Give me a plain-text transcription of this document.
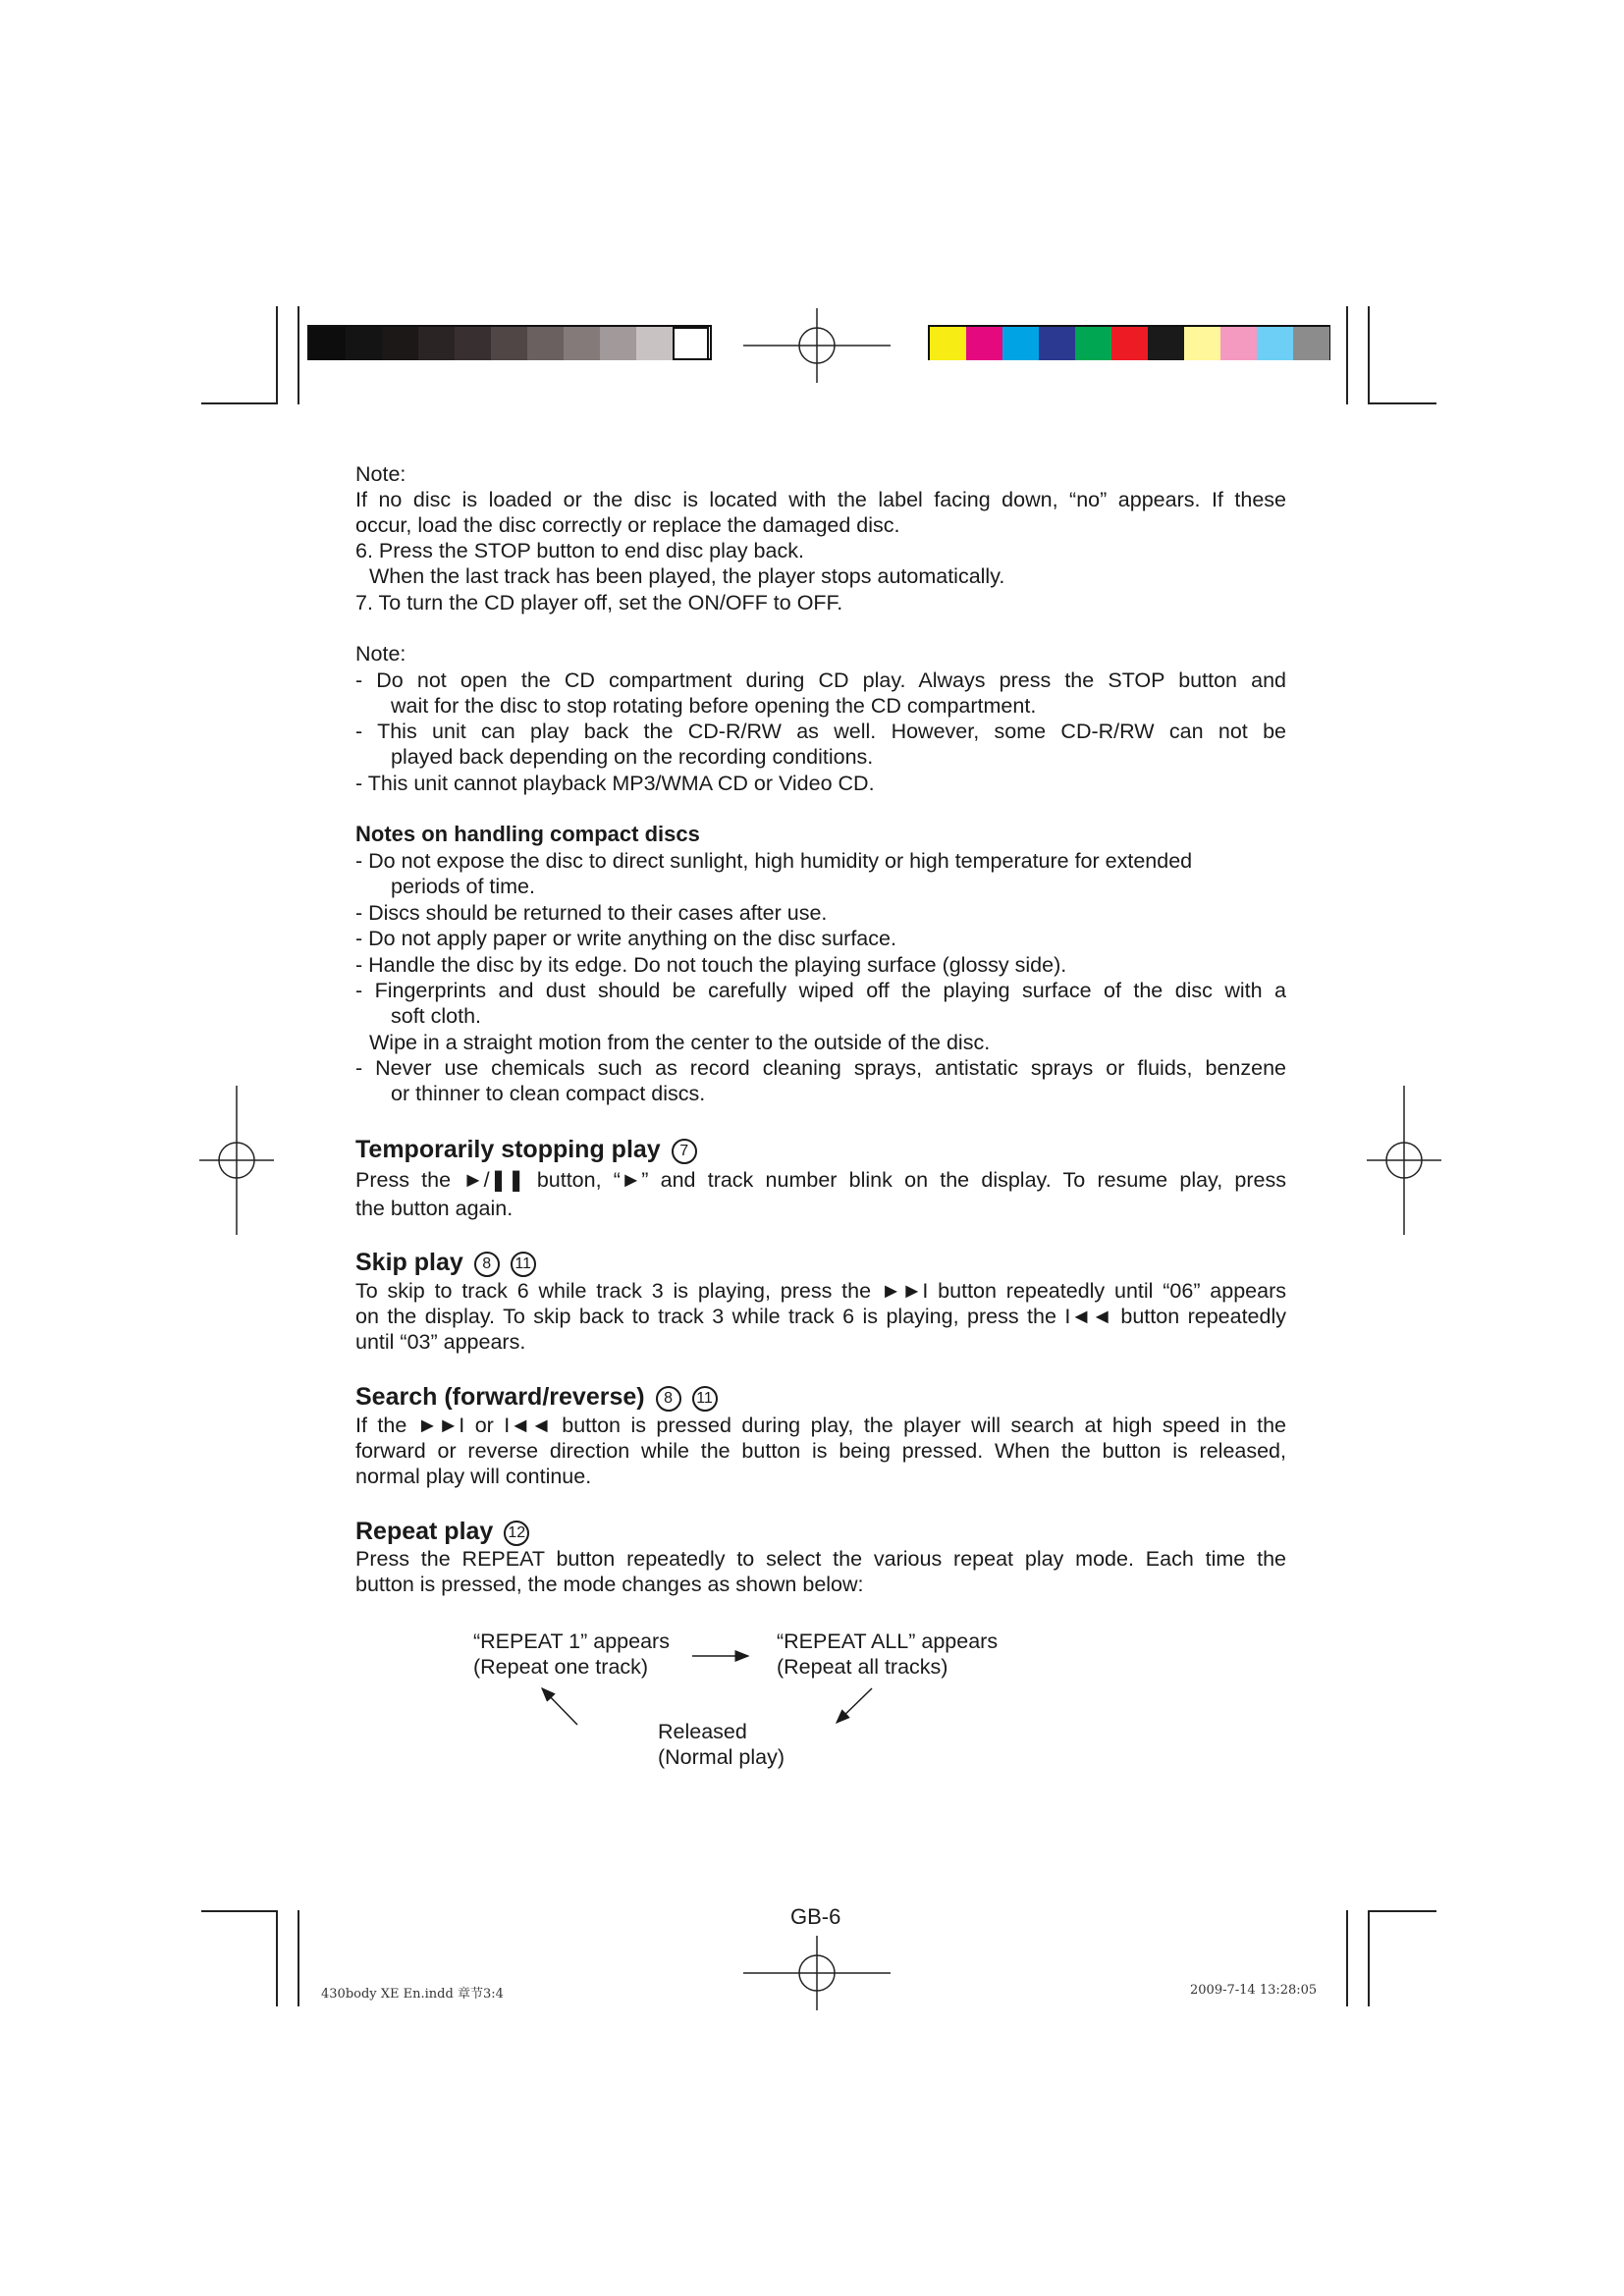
Note:
If no disc is loaded or the disc is located with the label facing down, “no” appears. If these
occur, load the disc correctly or replace the damaged disc.
6. Press the STOP button to end disc play back.
When the last track has been played, the player stops automatically.
7. To turn the CD player off, set the ON/OFF to OFF.
Note:
- Do not open the CD compartment during CD play. Always press the STOP button and
wait for the disc to stop rotating before opening the CD compartment.
- This unit can play back the CD-R/RW as well. However, some CD-R/RW can not be
played back depending on the recording conditions.
- This unit cannot playback MP3/WMA CD or Video CD.
Notes on handling compact discs
- Do not expose the disc to direct sunlight, high humidity or high temperature for extended
periods of time.
- Discs should be returned to their cases after use.
- Do not apply paper or write anything on the disc surface.
- Handle the disc by its edge. Do not touch the playing surface (glossy side).
- Fingerprints and dust should be carefully wiped off the playing surface of the disc with a
soft cloth.
Wipe in a straight motion from the center to the outside of the disc.
- Never use chemicals such as record cleaning sprays, antistatic sprays or fluids, benzene
or thinner to clean compact discs.
Temporarily stopping play 7
Press the ►/❚❚ button, “►” and track number blink on the display. To resume play, press
the button again.
Skip play 8 11
To skip to track 6 while track 3 is playing, press the ►►I button repeatedly until “06” appears
on the display. To skip back to track 3 while track 6 is playing, press the I◄◄ button repeatedly
until “03” appears.
Search (forward/reverse) 8 11
If the ►►I or I◄◄ button is pressed during play, the player will search at high speed in the
forward or reverse direction while the button is being pressed. When the button is released,
normal play will continue.
Repeat play 12
Press the REPEAT button repeatedly to select the various repeat play mode. Each time the
button is pressed, the mode changes as shown below:
“REPEAT 1” appears
(Repeat one track)
“REPEAT ALL” appears
(Repeat all tracks)
Released
(Normal play)
GB-6
430body XE En.indd 章节3:4	2009-7-14 13:28:05
